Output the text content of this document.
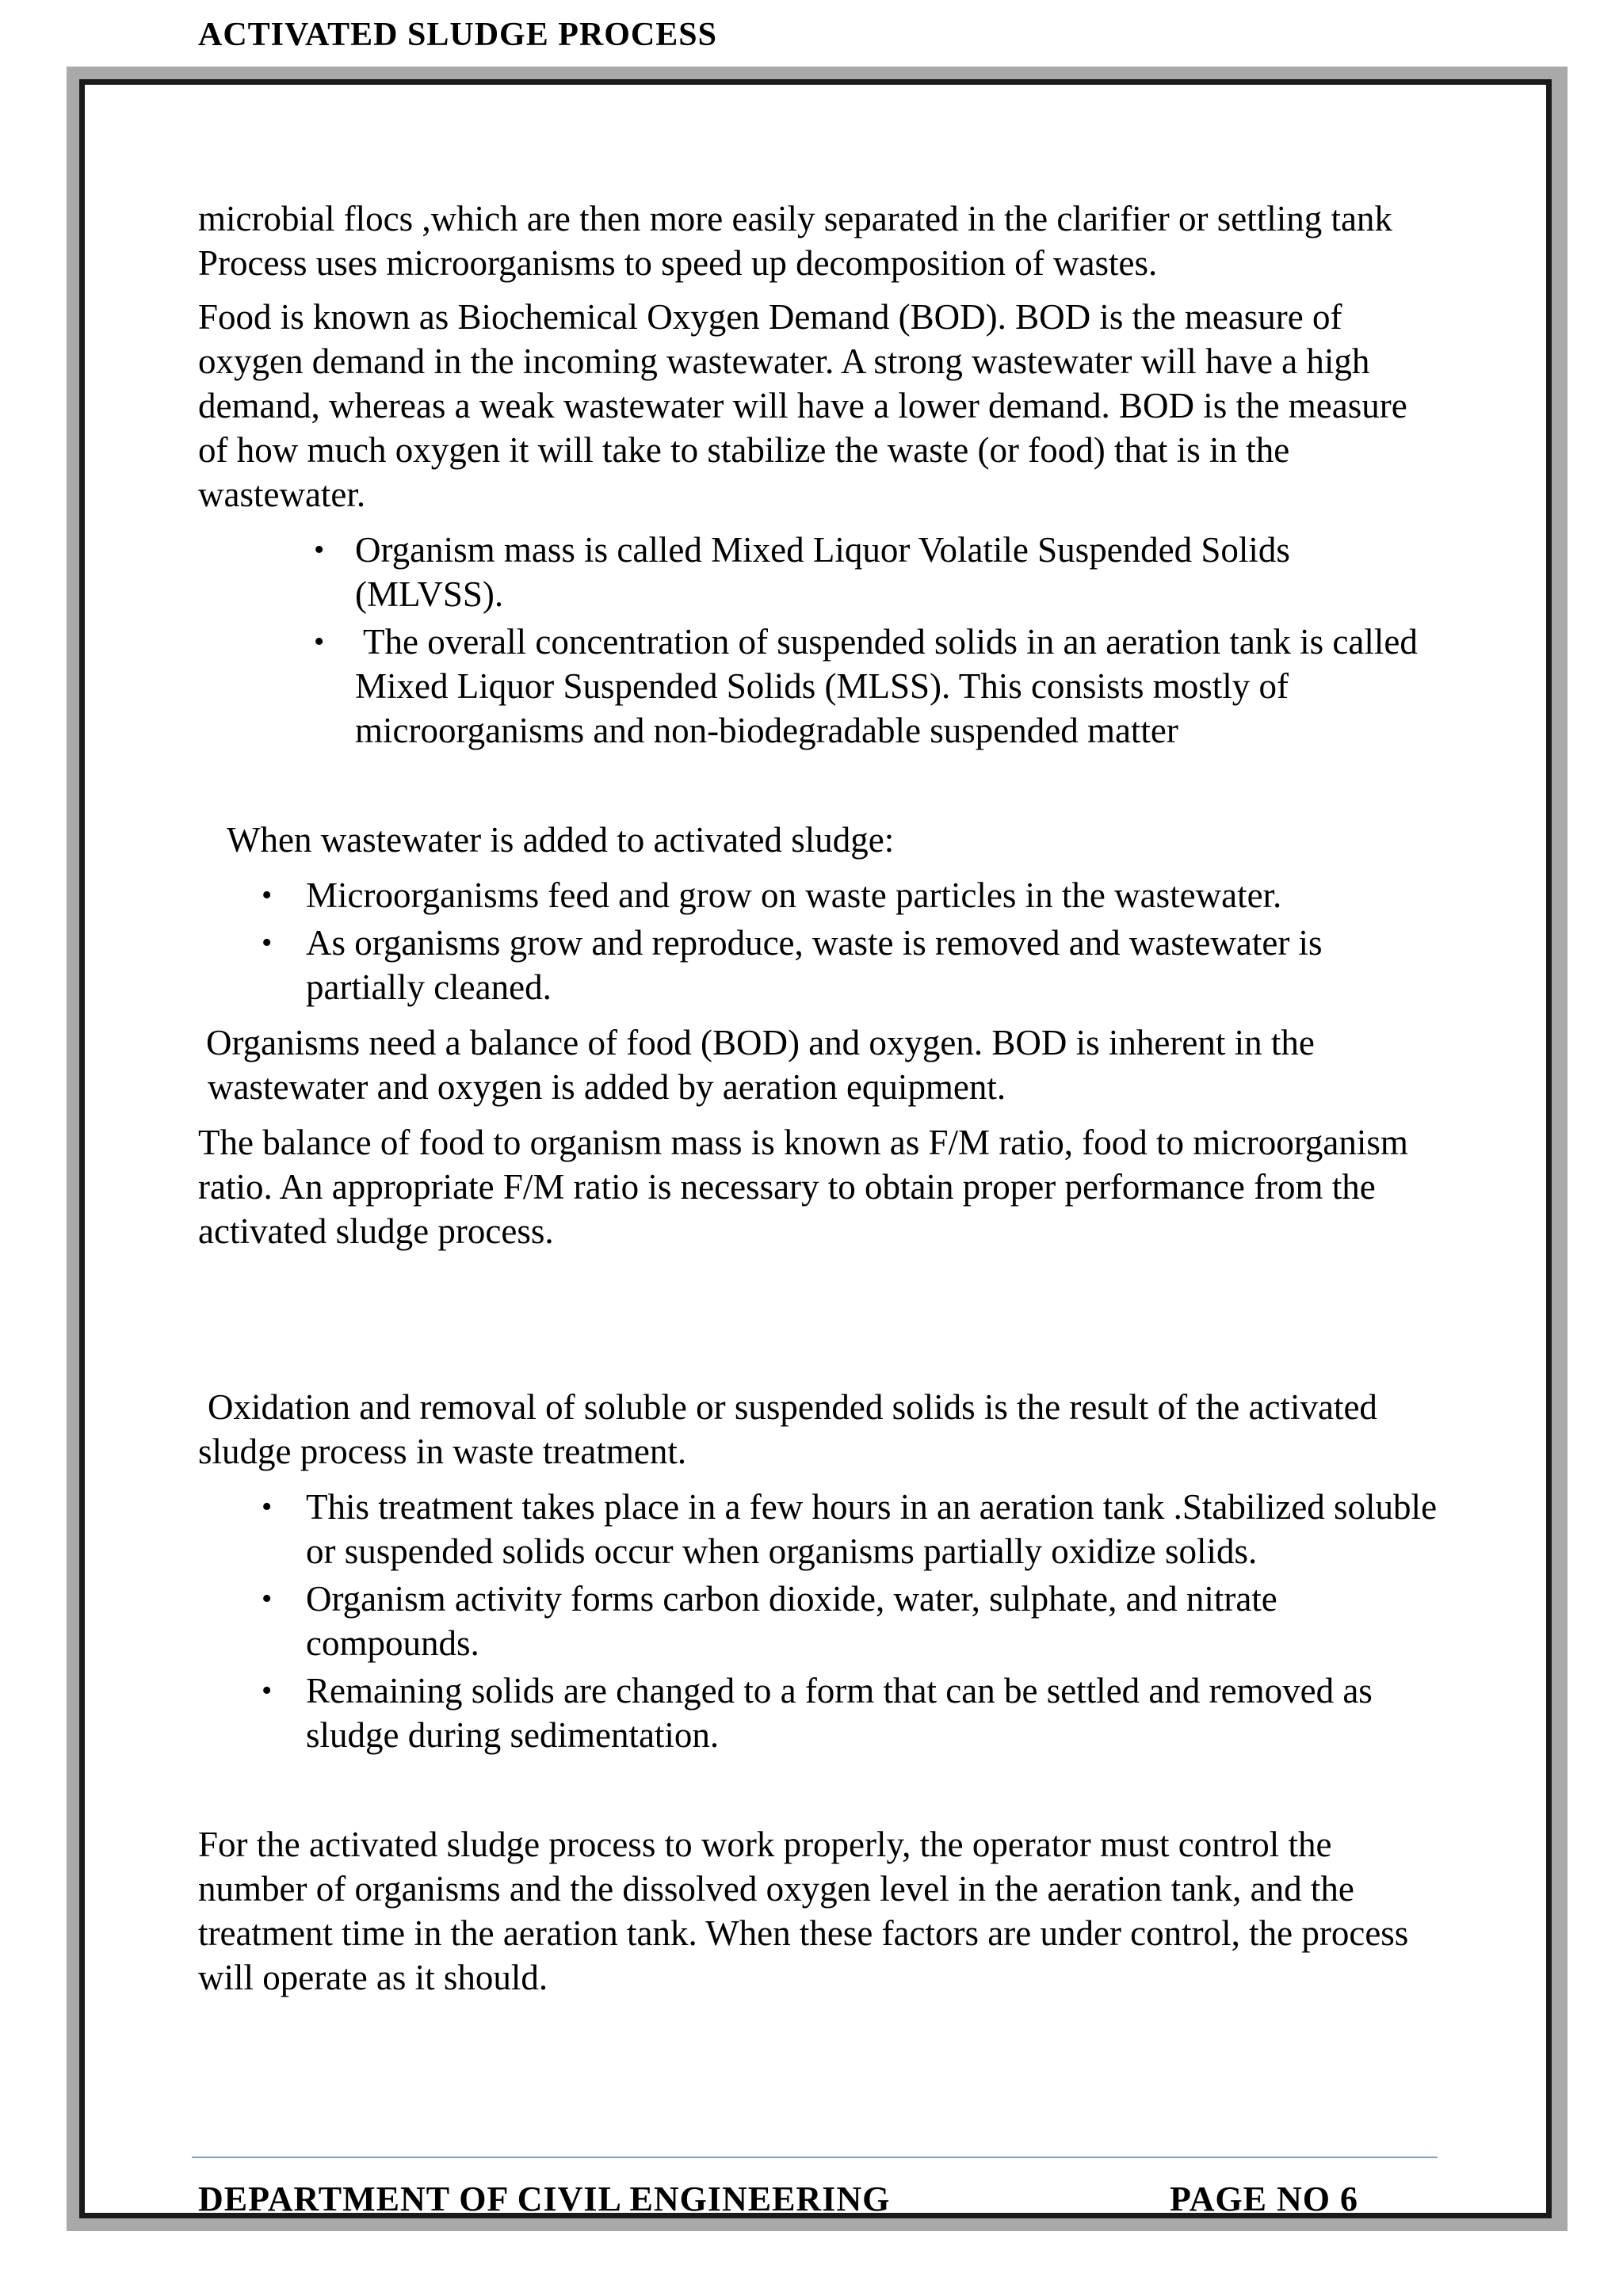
ACTIVATED SLUDGE PROCESS

microbial flocs ,which are then more easily separated in the clarifier or settling tank Process uses microorganisms to speed up decomposition of wastes.

Food is known as Biochemical Oxygen Demand (BOD). BOD is the measure of oxygen demand in the incoming wastewater. A strong wastewater will have a high demand, whereas a weak wastewater will have a lower demand. BOD is the measure of how much oxygen it will take to stabilize the waste (or food) that is in the wastewater.

• Organism mass is called Mixed Liquor Volatile Suspended Solids (MLVSS).
• The overall concentration of suspended solids in an aeration tank is called Mixed Liquor Suspended Solids (MLSS). This consists mostly of microorganisms and non-biodegradable suspended matter

When wastewater is added to activated sludge:

• Microorganisms feed and grow on waste particles in the wastewater.
• As organisms grow and reproduce, waste is removed and wastewater is partially cleaned.

Organisms need a balance of food (BOD) and oxygen. BOD is inherent in the wastewater and oxygen is added by aeration equipment.

The balance of food to organism mass is known as F/M ratio, food to microorganism ratio. An appropriate F/M ratio is necessary to obtain proper performance from the activated sludge process.

Oxidation and removal of soluble or suspended solids is the result of the activated sludge process in waste treatment.

• This treatment takes place in a few hours in an aeration tank .Stabilized soluble or suspended solids occur when organisms partially oxidize solids.
• Organism activity forms carbon dioxide, water, sulphate, and nitrate compounds.
• Remaining solids are changed to a form that can be settled and removed as sludge during sedimentation.

For the activated sludge process to work properly, the operator must control the number of organisms and the dissolved oxygen level in the aeration tank, and the treatment time in the aeration tank. When these factors are under control, the process will operate as it should.

DEPARTMENT OF CIVIL ENGINEERING	PAGE NO 6
